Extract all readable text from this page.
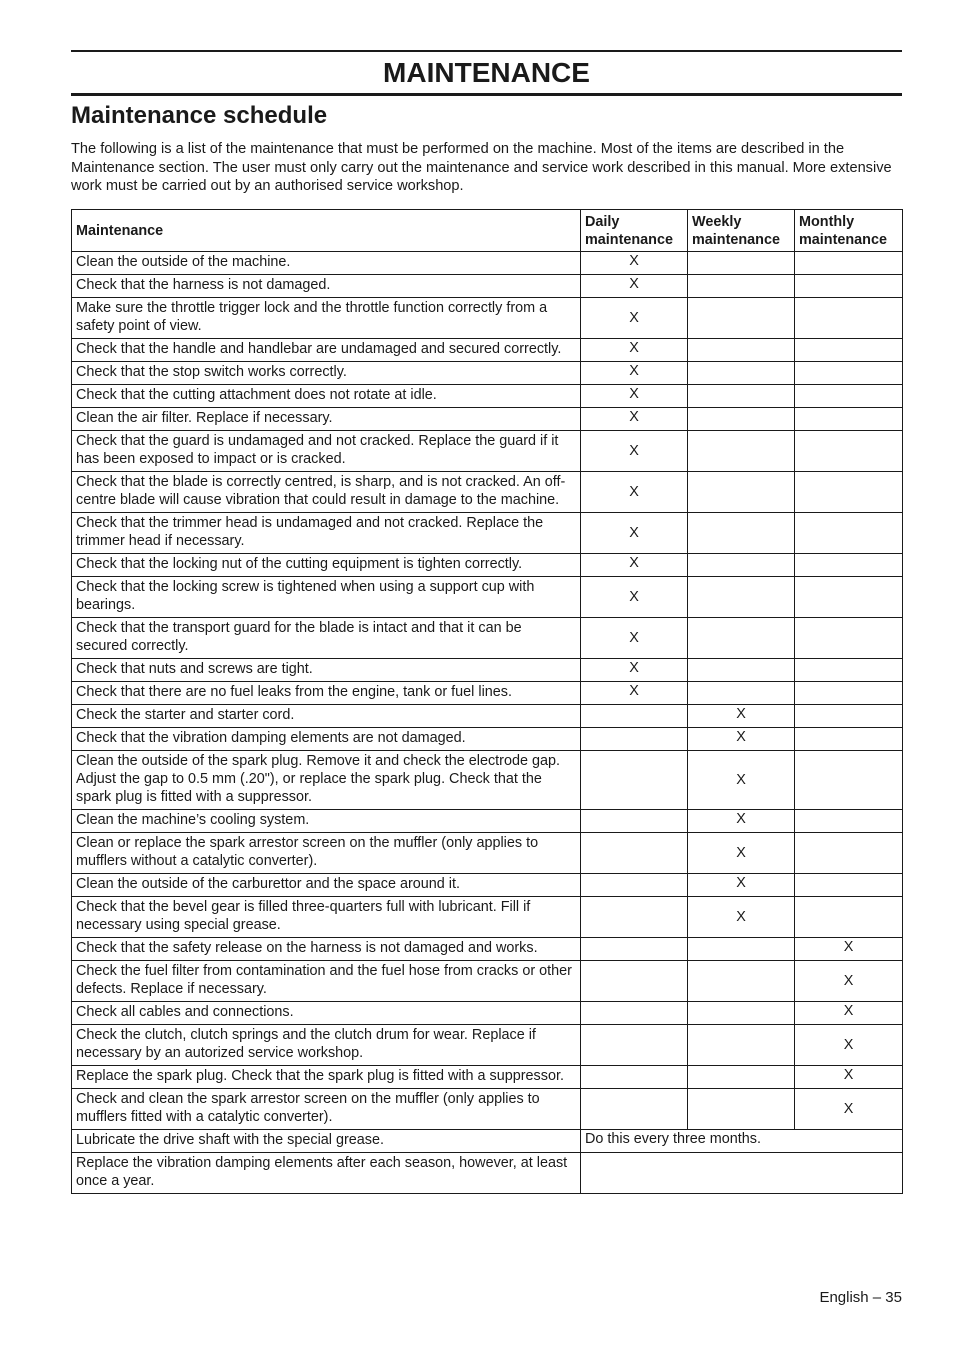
MAINTENANCE
Maintenance schedule

The following is a list of the maintenance that must be performed on the machine. Most of the items are described in the Maintenance section. The user must only carry out the maintenance and service work described in this manual. More extensive work must be carried out by an authorised service workshop.

Maintenance	Daily maintenance	Weekly maintenance	Monthly maintenance
Clean the outside of the machine.	X		
Check that the harness is not damaged.	X		
Make sure the throttle trigger lock and the throttle function correctly from a safety point of view.	X		
Check that the handle and handlebar are undamaged and secured correctly.	X		
Check that the stop switch works correctly.	X		
Check that the cutting attachment does not rotate at idle.	X		
Clean the air filter. Replace if necessary.	X		
Check that the guard is undamaged and not cracked. Replace the guard if it has been exposed to impact or is cracked.	X		
Check that the blade is correctly centred, is sharp, and is not cracked. An off-centre blade will cause vibration that could result in damage to the machine.	X		
Check that the trimmer head is undamaged and not cracked. Replace the trimmer head if necessary.	X		
Check that the locking nut of the cutting equipment is tighten correctly.	X		
Check that the locking screw is tightened when using a support cup with bearings.	X		
Check that the transport guard for the blade is intact and that it can be secured correctly.	X		
Check that nuts and screws are tight.	X		
Check that there are no fuel leaks from the engine, tank or fuel lines.	X		
Check the starter and starter cord.		X	
Check that the vibration damping elements are not damaged.		X	
Clean the outside of the spark plug. Remove it and check the electrode gap. Adjust the gap to 0.5 mm (.20"), or replace the spark plug. Check that the spark plug is fitted with a suppressor.		X	
Clean the machine’s cooling system.		X	
Clean or replace the spark arrestor screen on the muffler (only applies to mufflers without a catalytic converter).		X	
Clean the outside of the carburettor and the space around it.		X	
Check that the bevel gear is filled three-quarters full with lubricant. Fill if necessary using special grease.		X	
Check that the safety release on the harness is not damaged and works.			X
Check the fuel filter from contamination and the fuel hose from cracks or other defects. Replace if necessary.			X
Check all cables and connections.			X
Check the clutch, clutch springs and the clutch drum for wear. Replace if necessary by an autorized service workshop.			X
Replace the spark plug. Check that the spark plug is fitted with a suppressor.			X
Check and clean the spark arrestor screen on the muffler (only applies to mufflers fitted with a catalytic converter).			X
Lubricate the drive shaft with the special grease.	Do this every three months.		
Replace the vibration damping elements after each season, however, at least once a year.			
English – 35
